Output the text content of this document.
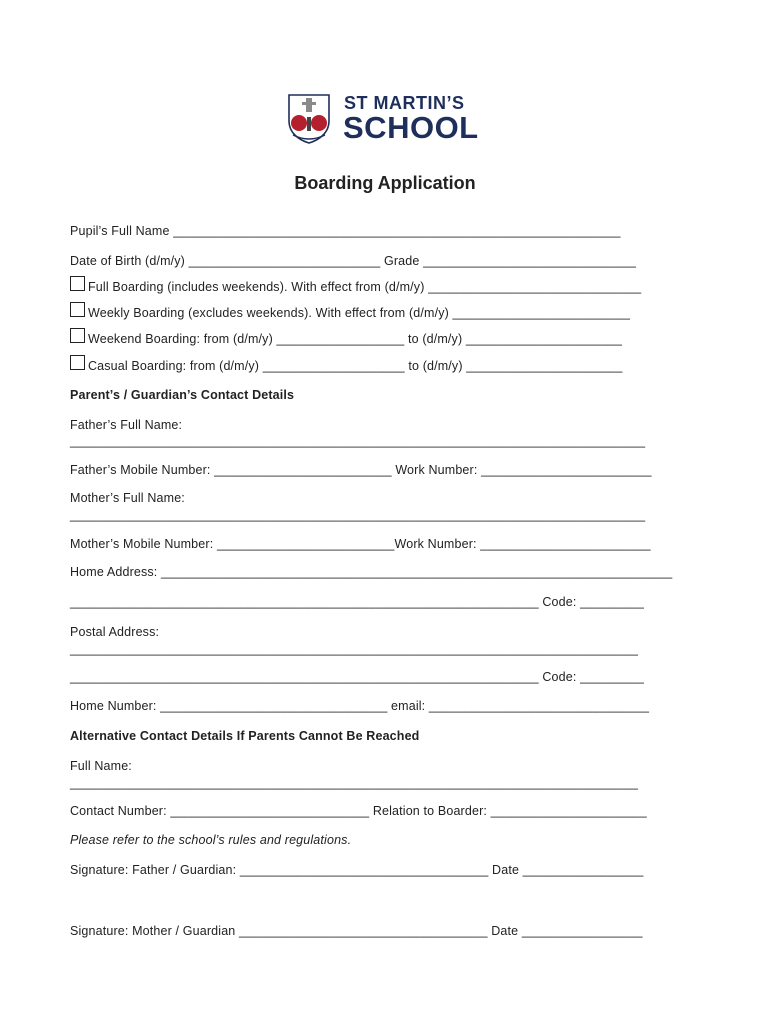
ST MARTIN’S
SCHOOL
Boarding Application
Pupil’s Full Name _______________________________________________________________
Date of Birth (d/m/y) ___________________________ Grade ______________________________
Full Boarding (includes weekends). With effect from (d/m/y) ______________________________
Weekly Boarding (excludes weekends). With effect from (d/m/y) _________________________
Weekend Boarding: from (d/m/y) __________________ to (d/m/y) ______________________
Casual Boarding: from (d/m/y) ____________________ to (d/m/y) ______________________
Parent’s / Guardian’s Contact Details
Father’s Full Name:
_________________________________________________________________________________
Father’s Mobile Number: _________________________ Work Number: ________________________
Mother’s Full Name:
_________________________________________________________________________________
Mother’s Mobile Number: _________________________Work Number: ________________________
Home Address: ________________________________________________________________________
__________________________________________________________________ Code: _________
Postal Address:
________________________________________________________________________________
__________________________________________________________________ Code: _________
Home Number: ________________________________ email: _______________________________
Alternative Contact Details If Parents Cannot Be Reached
Full Name:
________________________________________________________________________________
Contact Number: ____________________________ Relation to Boarder: ______________________
Please refer to the school’s rules and regulations.
Signature: Father / Guardian: ___________________________________ Date _________________
Signature: Mother / Guardian ___________________________________ Date _________________
